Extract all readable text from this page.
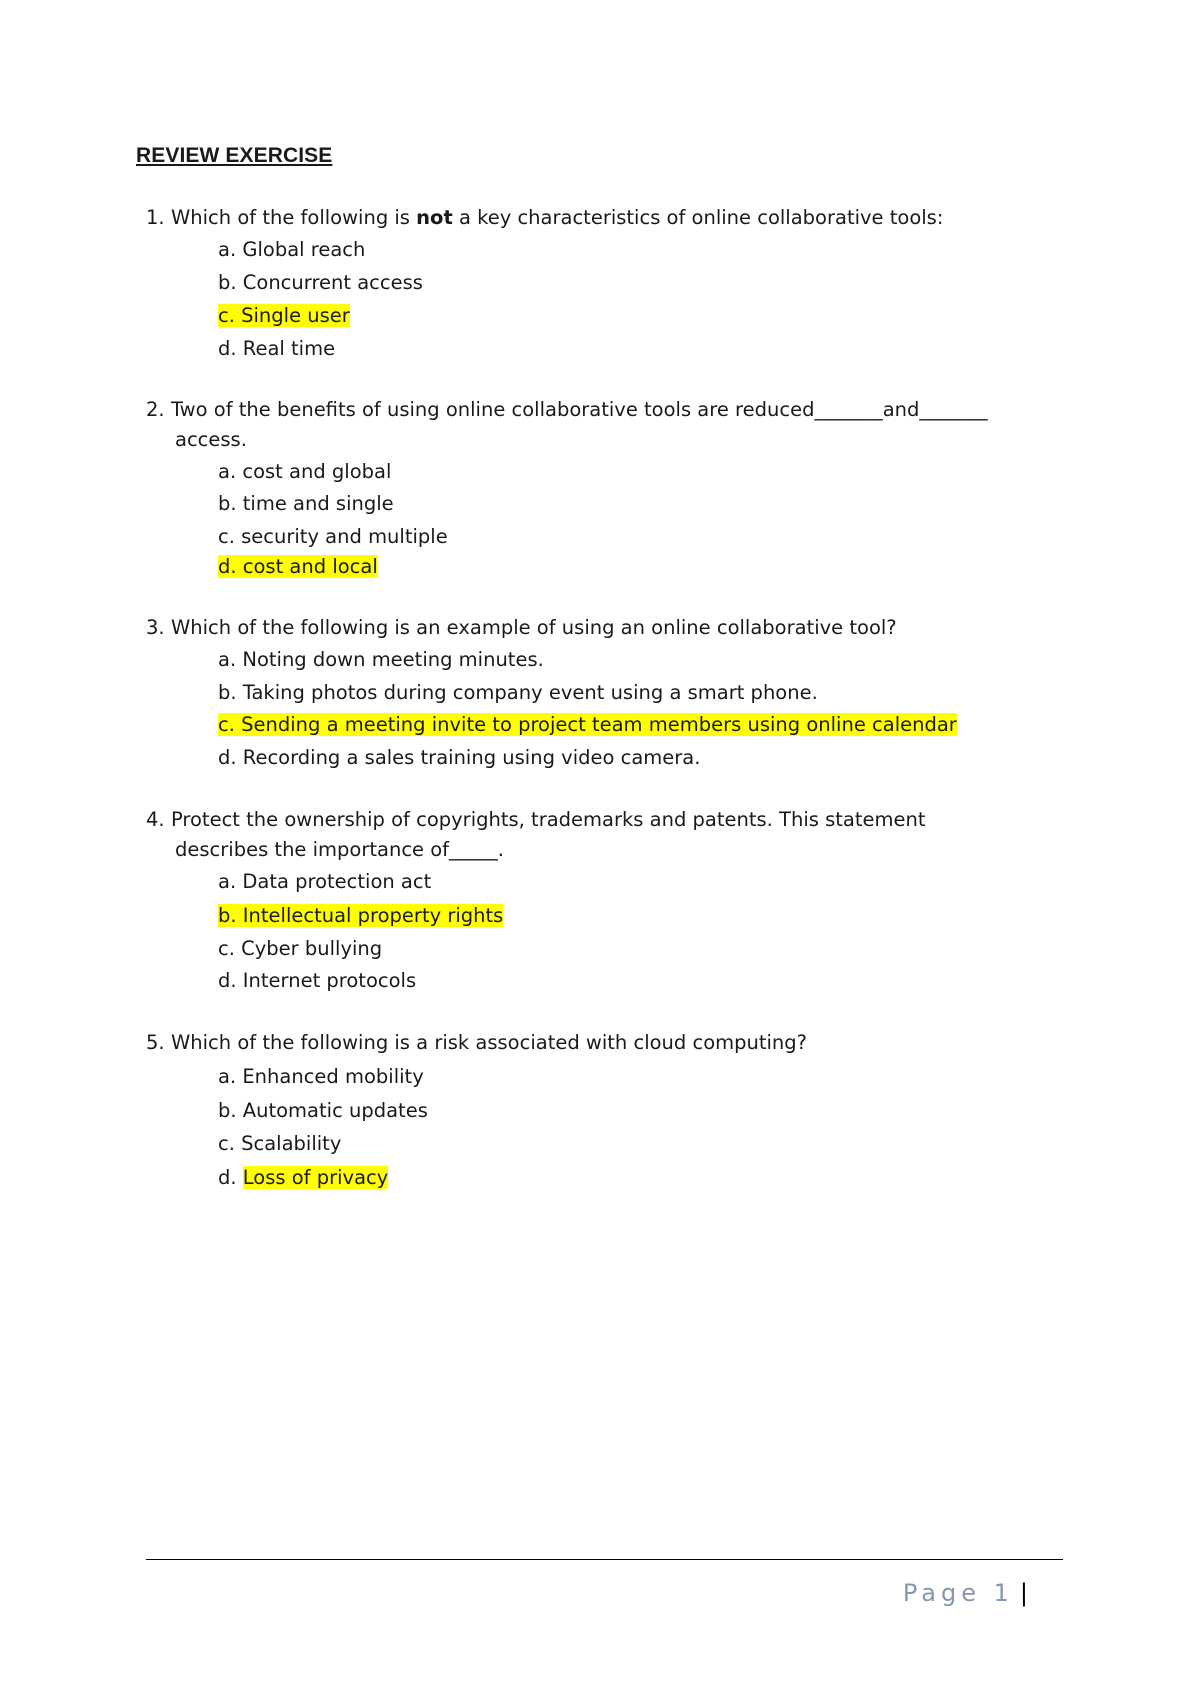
REVIEW EXERCISE
1. Which of the following is not a key characteristics of online collaborative tools:
a. Global reach
b. Concurrent access
c. Single user
d. Real time
2. Two of the benefits of using online collaborative tools are reduced_______and_______
access.
a. cost and global
b. time and single
c. security and multiple
d. cost and local
3. Which of the following is an example of using an online collaborative tool?
a. Noting down meeting minutes.
b. Taking photos during company event using a smart phone.
c. Sending a meeting invite to project team members using online calendar
d. Recording a sales training using video camera.
4. Protect the ownership of copyrights, trademarks and patents. This statement
describes the importance of_____.
a. Data protection act
b. Intellectual property rights
c. Cyber bullying
d. Internet protocols
5. Which of the following is a risk associated with cloud computing?
a. Enhanced mobility
b. Automatic updates
c. Scalability
d. Loss of privacy
Page 1 |
